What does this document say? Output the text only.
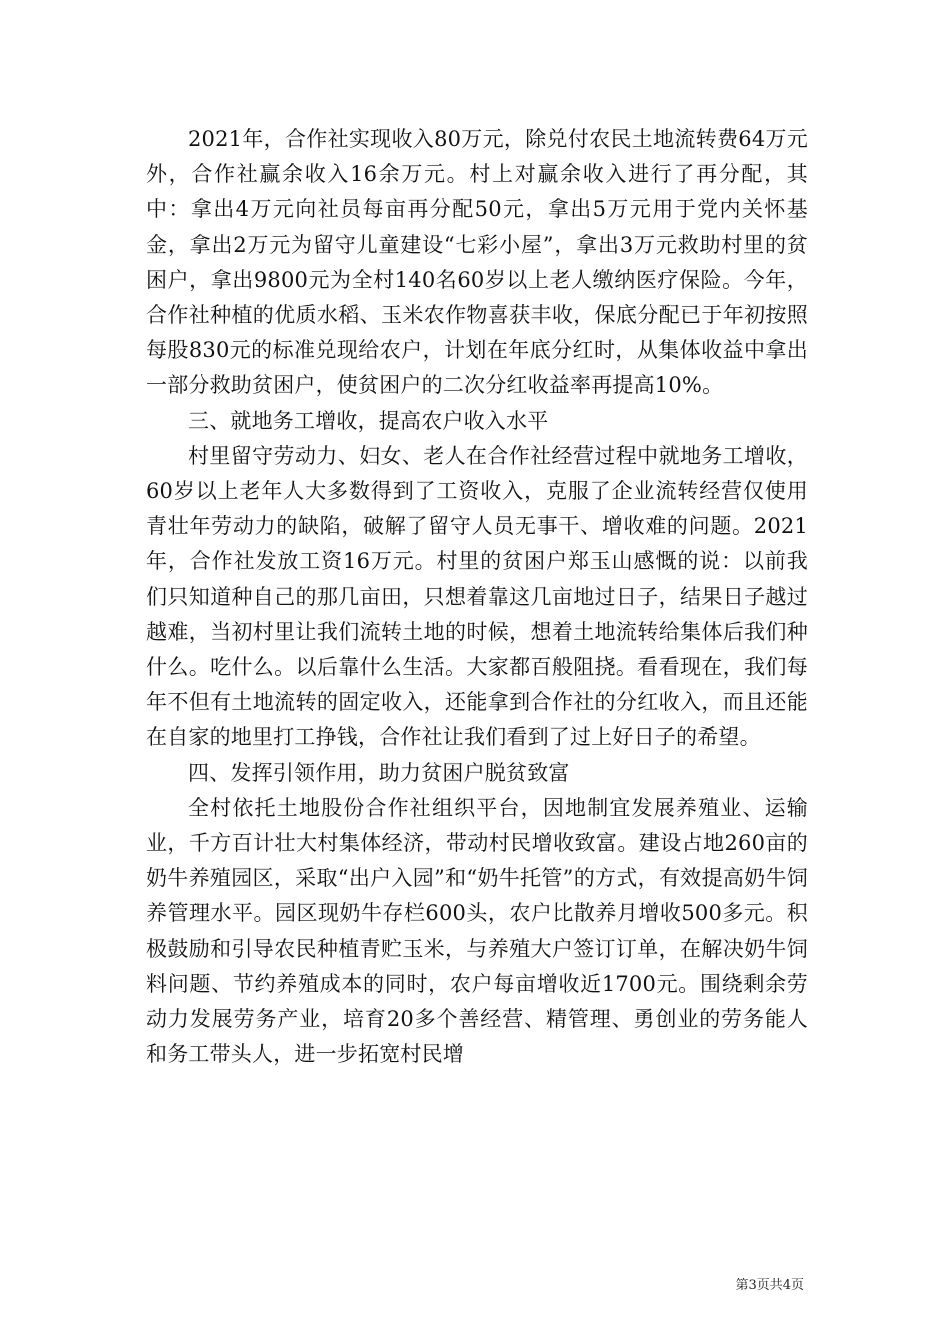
2021年，合作社实现收入80万元，除兑付农民土地流转费64万元外，合作社赢余收入16余万元。村上对赢余收入进行了再分配，其中：拿出4万元向社员每亩再分配50元，拿出5万元用于党内关怀基金，拿出2万元为留守儿童建设“七彩小屋”，拿出3万元救助村里的贫困户，拿出9800元为全村140名60岁以上老人缴纳医疗保险。今年，合作社种植的优质水稻、玉米农作物喜获丰收，保底分配已于年初按照每股830元的标准兑现给农户，计划在年底分红时，从集体收益中拿出一部分救助贫困户，使贫困户的二次分红收益率再提高10%。

三、就地务工增收，提高农户收入水平

村里留守劳动力、妇女、老人在合作社经营过程中就地务工增收，60岁以上老年人大多数得到了工资收入，克服了企业流转经营仅使用青壮年劳动力的缺陷，破解了留守人员无事干、增收难的问题。2021年，合作社发放工资16万元。村里的贫困户郑玉山感慨的说：以前我们只知道种自己的那几亩田，只想着靠这几亩地过日子，结果日子越过越难，当初村里让我们流转土地的时候，想着土地流转给集体后我们种什么。吃什么。以后靠什么生活。大家都百般阻挠。看看现在，我们每年不但有土地流转的固定收入，还能拿到合作社的分红收入，而且还能在自家的地里打工挣钱，合作社让我们看到了过上好日子的希望。

四、发挥引领作用，助力贫困户脱贫致富

全村依托土地股份合作社组织平台，因地制宜发展养殖业、运输业，千方百计壮大村集体经济，带动村民增收致富。建设占地260亩的奶牛养殖园区，采取“出户入园”和“奶牛托管”的方式，有效提高奶牛饲养管理水平。园区现奶牛存栏600头，农户比散养月增收500多元。积极鼓励和引导农民种植青贮玉米，与养殖大户签订订单，在解决奶牛饲料问题、节约养殖成本的同时，农户每亩增收近1700元。围绕剩余劳动力发展劳务产业，培育20多个善经营、精管理、勇创业的劳务能人和务工带头人，进一步拓宽村民增

第3页共4页
